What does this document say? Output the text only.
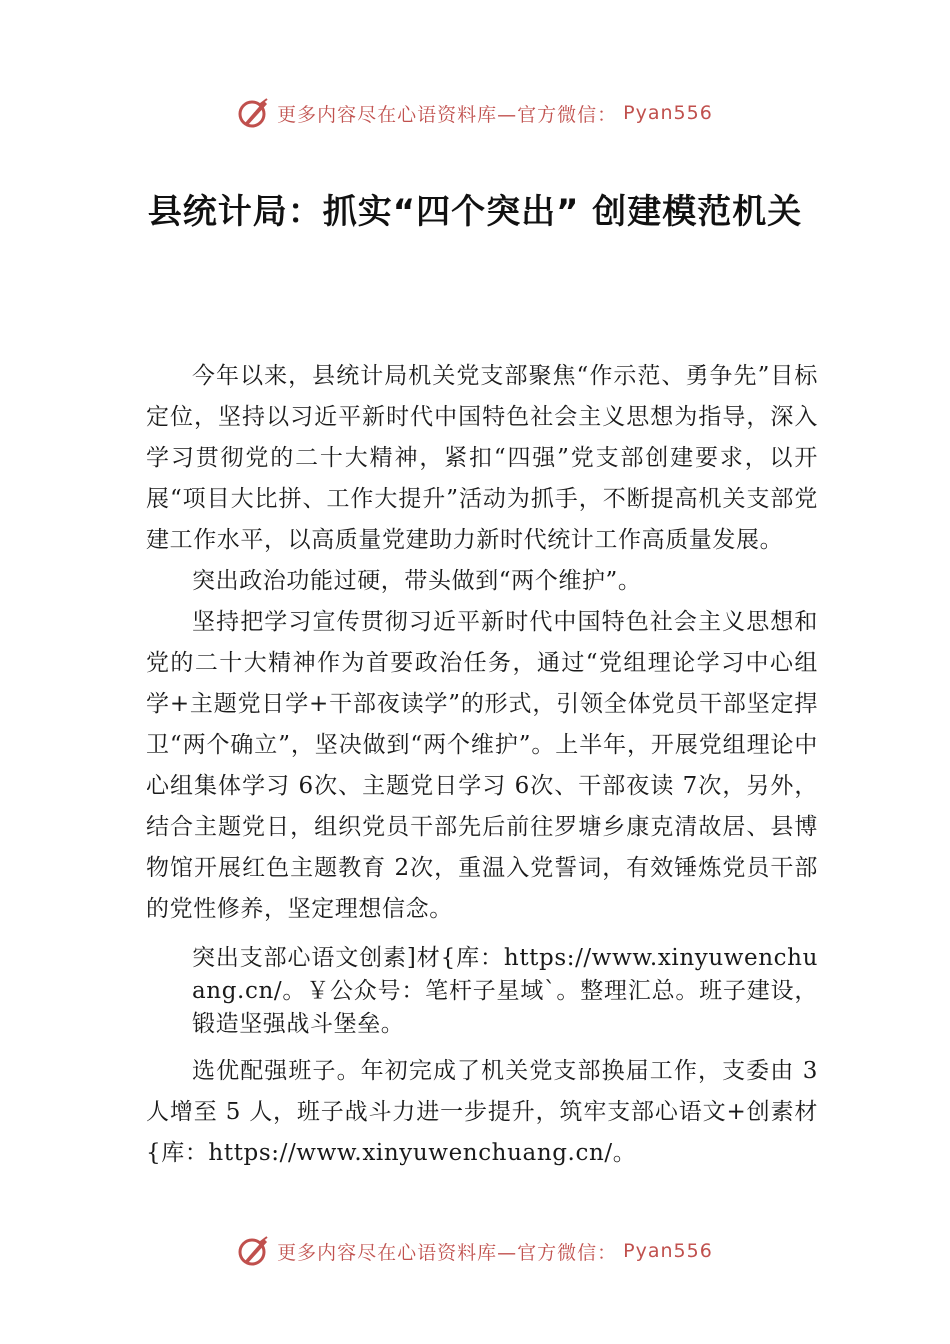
更多内容尽在心语资料库—官方微信： Pyan556
县统计局：抓实“四个突出” 创建模范机关

今年以来，县统计局机关党支部聚焦“作示范、勇争先”目标定位，坚持以习近平新时代中国特色社会主义思想为指导，深入学习贯彻党的二十大精神，紧扣“四强”党支部创建要求，以开展“项目大比拼、工作大提升”活动为抓手，不断提高机关支部党建工作水平，以高质量党建助力新时代统计工作高质量发展。

突出政治功能过硬，带头做到“两个维护”。

坚持把学习宣传贯彻习近平新时代中国特色社会主义思想和党的二十大精神作为首要政治任务，通过“党组理论学习中心组学+主题党日学+干部夜读学”的形式，引领全体党员干部坚定捍卫“两个确立”，坚决做到“两个维护”。上半年，开展党组理论中心组集体学习 6次、主题党日学习 6次、干部夜读 7次，另外，结合主题党日，组织党员干部先后前往罗塘乡康克清故居、县博物馆开展红色主题教育 2次，重温入党誓词，有效锤炼党员干部的党性修养，坚定理想信念。

突出支部心语文创素]材{库：https://www.xinyuwenchuang.cn/。￥公众号：笔杆子星域`。整理汇总。班子建设，锻造坚强战斗堡垒。

选优配强班子。年初完成了机关党支部换届工作，支委由 3 人增至 5 人，班子战斗力进一步提升，筑牢支部心语文+创素材{库：https://www.xinyuwenchuang.cn/。

更多内容尽在心语资料库—官方微信： Pyan556
